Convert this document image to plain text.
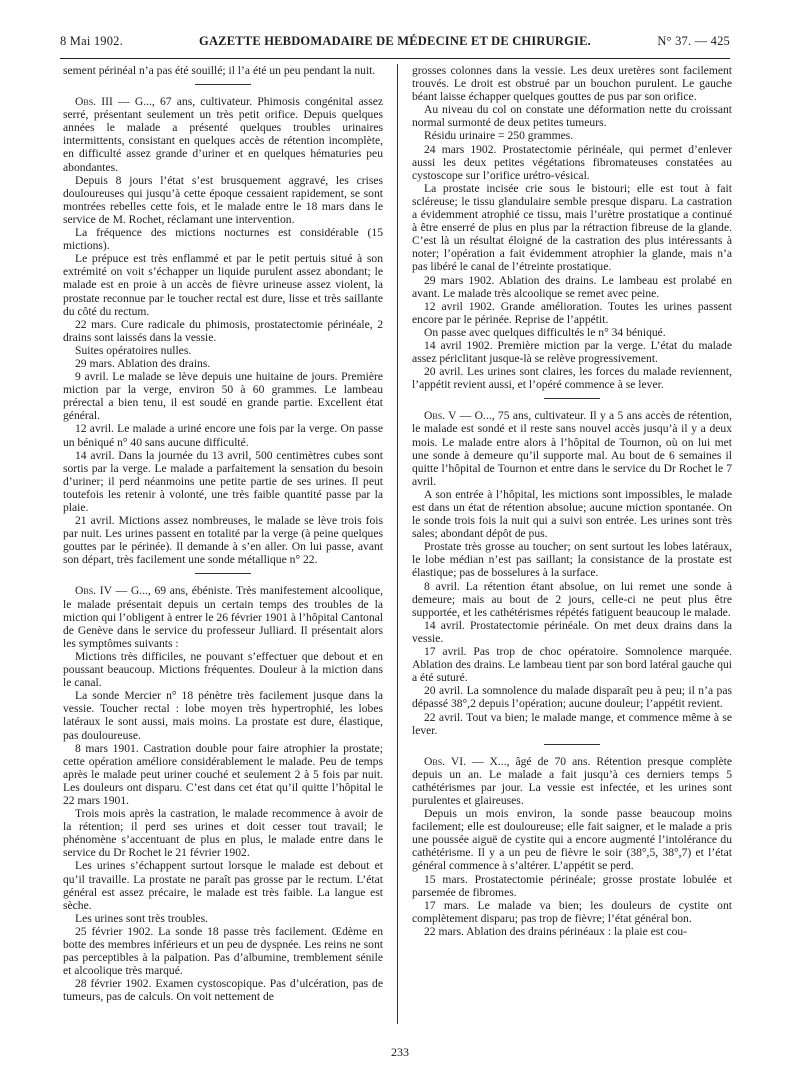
8 Mai 1902.	GAZETTE HEBDOMADAIRE DE MÉDECINE ET DE CHIRURGIE.	N° 37. — 425

sement périnéal n’a pas été souillé; il l’a été un peu pendant la nuit.

Obs. III — G..., 67 ans, cultivateur. Phimosis congénital assez serré, présentant seulement un très petit orifice. Depuis quelques années le malade a présenté quelques troubles urinaires intermittents, consistant en quelques accès de rétention incomplète, en difficulté assez grande d’uriner et en quelques hématuries peu abondantes.

Depuis 8 jours l’état s’est brusquement aggravé, les crises douloureuses qui jusqu’à cette époque cessaient rapidement, se sont montrées rebelles cette fois, et le malade entre le 18 mars dans le service de M. Rochet, réclamant une intervention.

La fréquence des mictions nocturnes est considérable (15 mictions).

Le prépuce est très enflammé et par le petit pertuis situé à son extrémité on voit s’échapper un liquide purulent assez abondant; le malade est en proie à un accès de fièvre urineuse assez violent, la prostate reconnue par le toucher rectal est dure, lisse et très saillante du côté du rectum.

22 mars. Cure radicale du phimosis, prostatectomie périnéale, 2 drains sont laissés dans la vessie.

Suites opératoires nulles.

29 mars. Ablation des drains.

9 avril. Le malade se lève depuis une huitaine de jours. Première miction par la verge, environ 50 à 60 grammes. Le lambeau prérectal a bien tenu, il est soudé en grande partie. Excellent état général.

12 avril. Le malade a uriné encore une fois par la verge. On passe un béniqué n° 40 sans aucune difficulté.

14 avril. Dans la journée du 13 avril, 500 centimètres cubes sont sortis par la verge. Le malade a parfaitement la sensation du besoin d’uriner; il perd néanmoins une petite partie de ses urines. Il peut toutefois les retenir à volonté, une très faible quantité passe par la plaie.

21 avril. Mictions assez nombreuses, le malade se lève trois fois par nuit. Les urines passent en totalité par la verge (à peine quelques gouttes par le périnée). Il demande à s’en aller. On lui passe, avant son départ, très facilement une sonde métallique n° 22.

Obs. IV — G..., 69 ans, ébéniste. Très manifestement alcoolique, le malade présentait depuis un certain temps des troubles de la miction qui l’obligent à entrer le 26 février 1901 à l’hôpital Cantonal de Genève dans le service du professeur Julliard. Il présentait alors les symptômes suivants :

Mictions très difficiles, ne pouvant s’effectuer que debout et en poussant beaucoup. Mictions fréquentes. Douleur à la miction dans le canal.

La sonde Mercier n° 18 pénètre très facilement jusque dans la vessie. Toucher rectal : lobe moyen très hypertrophié, les lobes latéraux le sont aussi, mais moins. La prostate est dure, élastique, pas douloureuse.

8 mars 1901. Castration double pour faire atrophier la prostate; cette opération améliore considérablement le malade. Peu de temps après le malade peut uriner couché et seulement 2 à 5 fois par nuit. Les douleurs ont disparu. C’est dans cet état qu’il quitte l’hôpital le 22 mars 1901.

Trois mois après la castration, le malade recommence à avoir de la rétention; il perd ses urines et doit cesser tout travail; le phénomène s’accentuant de plus en plus, le malade entre dans le service du Dr Rochet le 21 février 1902.

Les urines s’échappent surtout lorsque le malade est debout et qu’il travaille. La prostate ne paraît pas grosse par le rectum. L’état général est assez précaire, le malade est très faible. La langue est sèche.

Les urines sont très troubles.

25 février 1902. La sonde 18 passe très facilement. Œdème en botte des membres inférieurs et un peu de dyspnée. Les reins ne sont pas perceptibles à la palpation. Pas d’albumine, tremblement sénile et alcoolique très marqué.

28 février 1902. Examen cystoscopique. Pas d’ulcération, pas de tumeurs, pas de calculs. On voit nettement de

grosses colonnes dans la vessie. Les deux uretères sont facilement trouvés. Le droit est obstrué par un bouchon purulent. Le gauche béant laisse échapper quelques gouttes de pus par son orifice.

Au niveau du col on constate une déformation nette du croissant normal surmonté de deux petites tumeurs.

Résidu urinaire = 250 grammes.

24 mars 1902. Prostatectomie périnéale, qui permet d’enlever aussi les deux petites végétations fibromateuses constatées au cystoscope sur l’orifice urétro-vésical.

La prostate incisée crie sous le bistouri; elle est tout à fait scléreuse; le tissu glandulaire semble presque disparu. La castration a évidemment atrophié ce tissu, mais l’urètre prostatique a continué à être enserré de plus en plus par la rétraction fibreuse de la glande. C’est là un résultat éloigné de la castration des plus intéressants à noter; l’opération a fait évidemment atrophier la glande, mais n’a pas libéré le canal de l’étreinte prostatique.

29 mars 1902. Ablation des drains. Le lambeau est prolabé en avant. Le malade très alcoolique se remet avec peine.

12 avril 1902. Grande amélioration. Toutes les urines passent encore par le périnée. Reprise de l’appétit.

On passe avec quelques difficultés le n° 34 béniqué.

14 avril 1902. Première miction par la verge. L’état du malade assez périclitant jusque-là se relève progressivement.

20 avril. Les urines sont claires, les forces du malade reviennent, l’appétit revient aussi, et l’opéré commence à se lever.

Obs. V — O..., 75 ans, cultivateur. Il y a 5 ans accès de rétention, le malade est sondé et il reste sans nouvel accès jusqu’à il y a deux mois. Le malade entre alors à l’hôpital de Tournon, où on lui met une sonde à demeure qu’il supporte mal. Au bout de 6 semaines il quitte l’hôpital de Tournon et entre dans le service du Dr Rochet le 7 avril.

A son entrée à l’hôpital, les mictions sont impossibles, le malade est dans un état de rétention absolue; aucune miction spontanée. On le sonde trois fois la nuit qui a suivi son entrée. Les urines sont très sales; abondant dépôt de pus.

Prostate très grosse au toucher; on sent surtout les lobes latéraux, le lobe médian n’est pas saillant; la consistance de la prostate est élastique; pas de bosselures à la surface.

8 avril. La rétention étant absolue, on lui remet une sonde à demeure; mais au bout de 2 jours, celle-ci ne peut plus être supportée, et les cathétérismes répétés fatiguent beaucoup le malade.

14 avril. Prostatectomie périnéale. On met deux drains dans la vessie.

17 avril. Pas trop de choc opératoire. Somnolence marquée. Ablation des drains. Le lambeau tient par son bord latéral gauche qui a été suturé.

20 avril. La somnolence du malade disparaît peu à peu; il n’a pas dépassé 38°,2 depuis l’opération; aucune douleur; l’appétit revient.

22 avril. Tout va bien; le malade mange, et commence même à se lever.

Obs. VI. — X..., âgé de 70 ans. Rétention presque complète depuis un an. Le malade a fait jusqu’à ces derniers temps 5 cathétérismes par jour. La vessie est infectée, et les urines sont purulentes et glaireuses.

Depuis un mois environ, la sonde passe beaucoup moins facilement; elle est douloureuse; elle fait saigner, et le malade a pris une poussée aiguë de cystite qui a encore augmenté l’intolérance du cathétérisme. Il y a un peu de fièvre le soir (38°,5, 38°,7) et l’état général commence à s’altérer. L’appétit se perd.

15 mars. Prostatectomie périnéale; grosse prostate lobulée et parsemée de fibromes.

17 mars. Le malade va bien; les douleurs de cystite ont complètement disparu; pas trop de fièvre; l’état général bon.

22 mars. Ablation des drains périnéaux : la plaie est cou-

233
